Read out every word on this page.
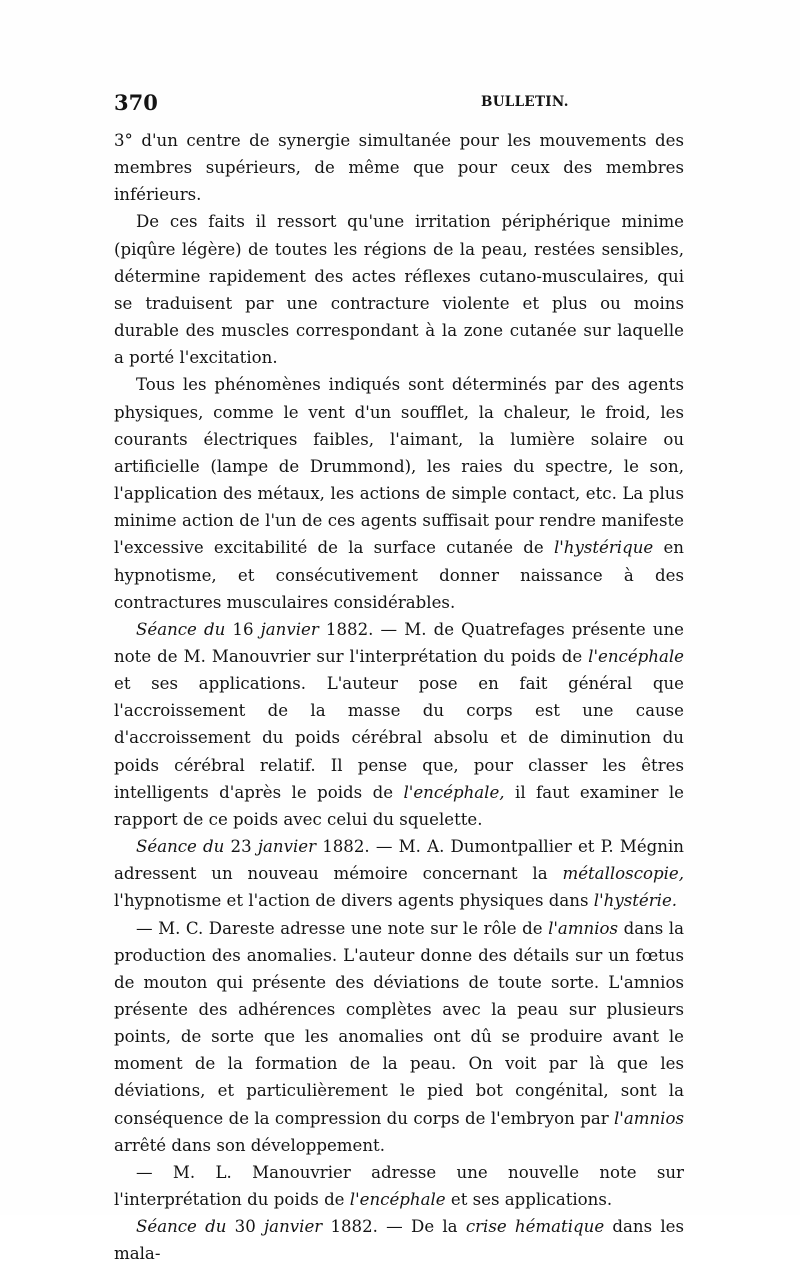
370	BULLETIN.

3° d'un centre de synergie simultanée pour les mouvements des membres supérieurs, de même que pour ceux des membres inférieurs.

De ces faits il ressort qu'une irritation périphérique minime (piqûre légère) de toutes les régions de la peau, restées sensibles, détermine rapidement des actes réflexes cutano-musculaires, qui se traduisent par une contracture violente et plus ou moins durable des muscles correspondant à la zone cutanée sur laquelle a porté l'excitation.

Tous les phénomènes indiqués sont déterminés par des agents physiques, comme le vent d'un soufflet, la chaleur, le froid, les courants électriques faibles, l'aimant, la lumière solaire ou artificielle (lampe de Drummond), les raies du spectre, le son, l'application des métaux, les actions de simple contact, etc. La plus minime action de l'un de ces agents suffisait pour rendre manifeste l'excessive excitabilité de la surface cutanée de l'hystérique en hypnotisme, et consécutivement donner naissance à des contractures musculaires considérables.

Séance du 16 janvier 1882. — M. de Quatrefages présente une note de M. Manouvrier sur l'interprétation du poids de l'encéphale et ses applications. L'auteur pose en fait général que l'accroissement de la masse du corps est une cause d'accroissement du poids cérébral absolu et de diminution du poids cérébral relatif. Il pense que, pour classer les êtres intelligents d'après le poids de l'encéphale, il faut examiner le rapport de ce poids avec celui du squelette.

Séance du 23 janvier 1882. — M. A. Dumontpallier et P. Mégnin adressent un nouveau mémoire concernant la métalloscopie, l'hypnotisme et l'action de divers agents physiques dans l'hystérie.

— M. C. Dareste adresse une note sur le rôle de l'amnios dans la production des anomalies. L'auteur donne des détails sur un fœtus de mouton qui présente des déviations de toute sorte. L'amnios présente des adhérences complètes avec la peau sur plusieurs points, de sorte que les anomalies ont dû se produire avant le moment de la formation de la peau. On voit par là que les déviations, et particulièrement le pied bot congénital, sont la conséquence de la compression du corps de l'embryon par l'amnios arrêté dans son développement.

— M. L. Manouvrier adresse une nouvelle note sur l'interprétation du poids de l'encéphale et ses applications.

Séance du 30 janvier 1882. — De la crise hématique dans les mala-
